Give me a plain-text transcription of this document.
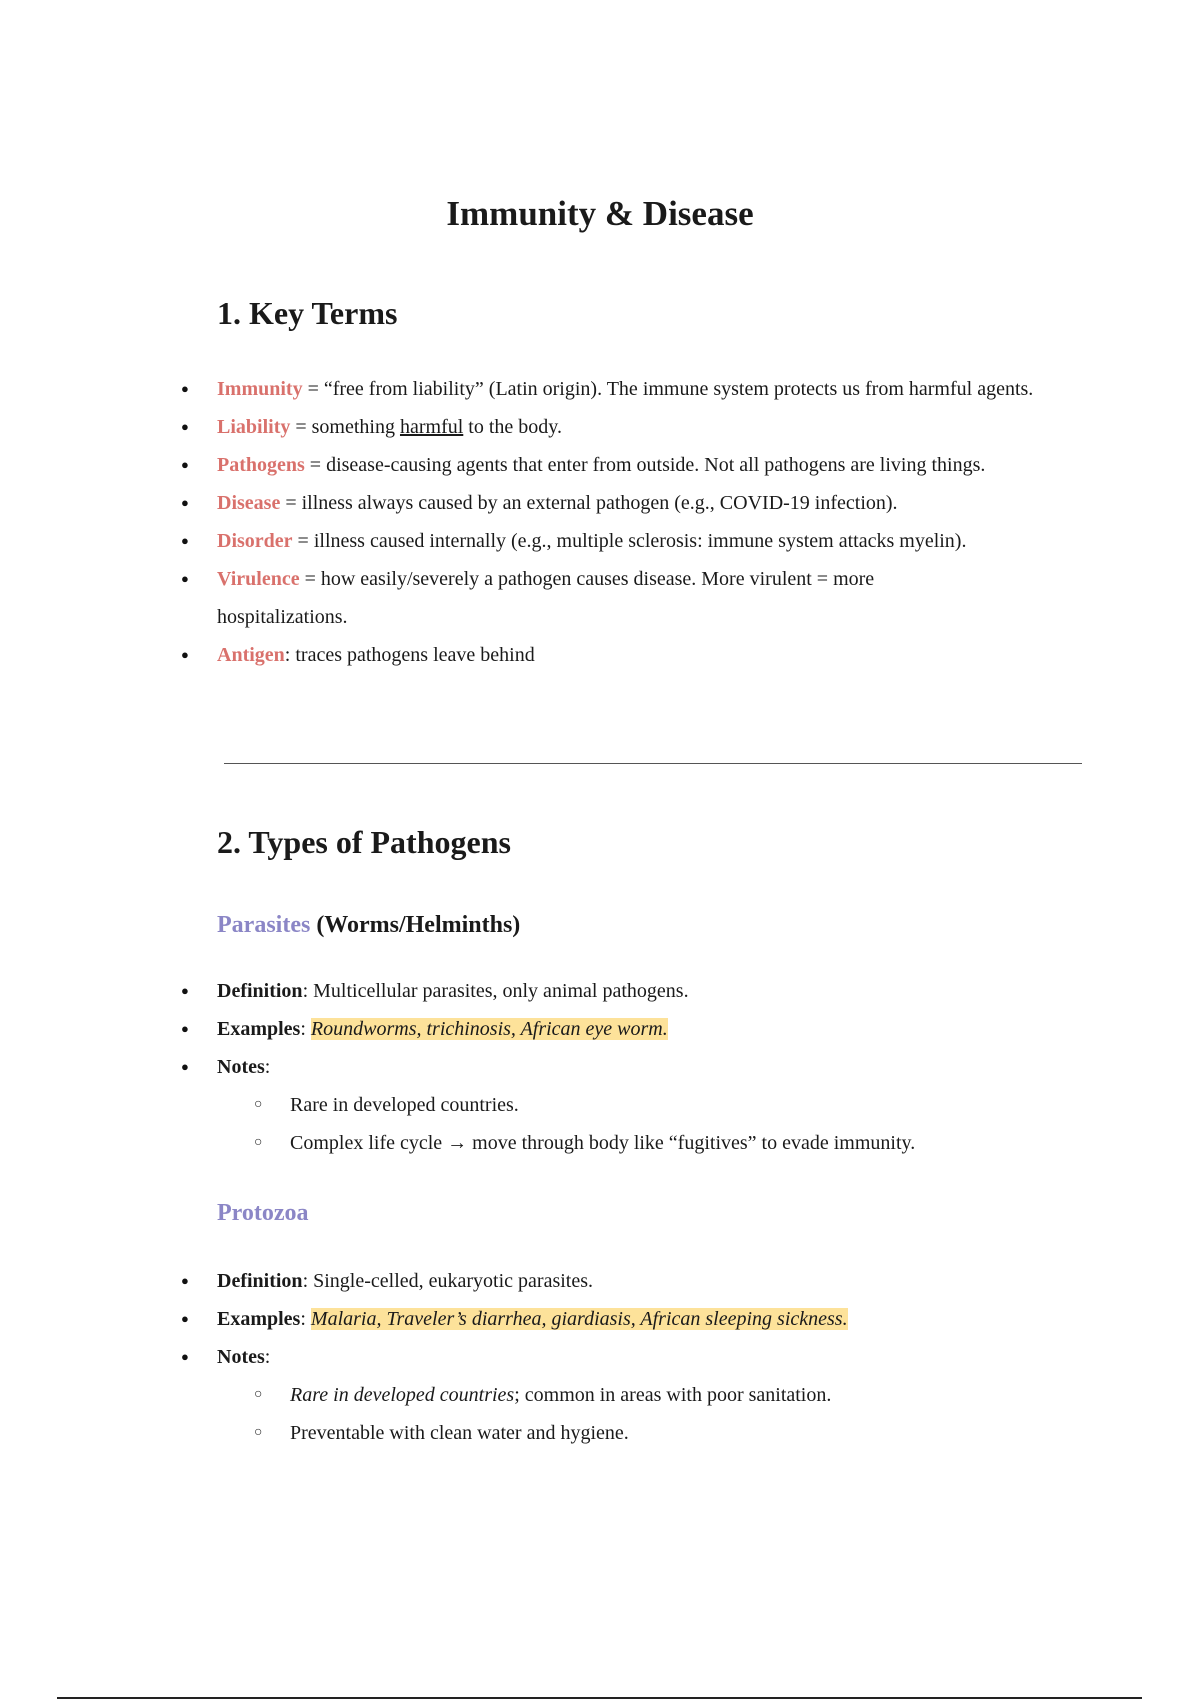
Immunity & Disease
1. Key Terms
● Immunity = “free from liability” (Latin origin). The immune system protects us from harmful agents.
● Liability = something harmful to the body.
● Pathogens = disease-causing agents that enter from outside. Not all pathogens are living things.
● Disease = illness always caused by an external pathogen (e.g., COVID-19 infection).
● Disorder = illness caused internally (e.g., multiple sclerosis: immune system attacks myelin).
● Virulence = how easily/severely a pathogen causes disease. More virulent = more hospitalizations.
● Antigen: traces pathogens leave behind
2. Types of Pathogens
Parasites (Worms/Helminths)
● Definition: Multicellular parasites, only animal pathogens.
● Examples: Roundworms, trichinosis, African eye worm.
● Notes:
○ Rare in developed countries.
○ Complex life cycle → move through body like “fugitives” to evade immunity.
Protozoa
● Definition: Single-celled, eukaryotic parasites.
● Examples: Malaria, Traveler’s diarrhea, giardiasis, African sleeping sickness.
● Notes:
○ Rare in developed countries; common in areas with poor sanitation.
○ Preventable with clean water and hygiene.
